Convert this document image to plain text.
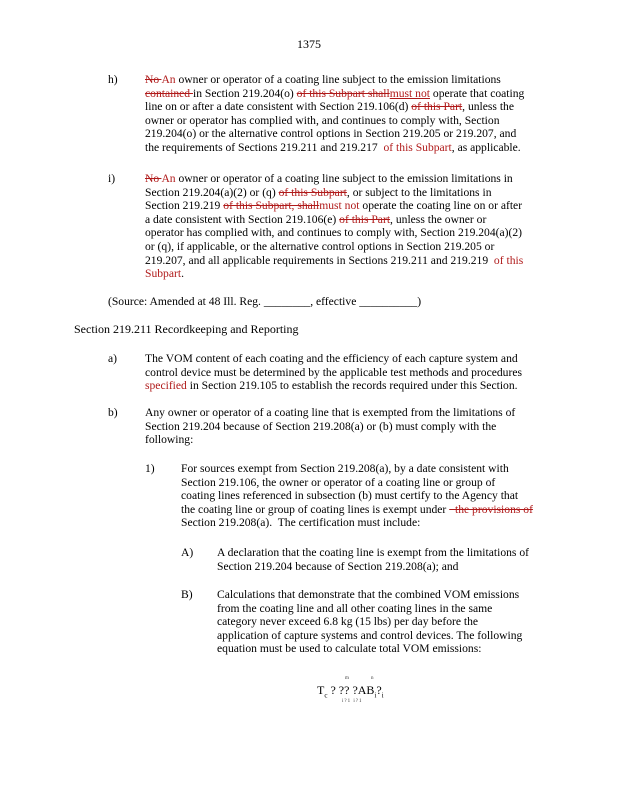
1375
h) No An owner or operator of a coating line subject to the emission limitations
contained in Section 219.204(o) of this Subpart shallmust not operate that coating
line on or after a date consistent with Section 219.106(d) of this Part, unless the
owner or operator has complied with, and continues to comply with, Section
219.204(o) or the alternative control options in Section 219.205 or 219.207, and
the requirements of Sections 219.211 and 219.217  of this Subpart, as applicable.
i)	No An owner or operator of a coating line subject to the emission limitations in
Section 219.204(a)(2) or (q) of this Subpart, or subject to the limitations in
Section 219.219 of this Subpart, shallmust not operate the coating line on or after
a date consistent with Section 219.106(e) of this Part, unless the owner or
operator has complied with, and continues to comply with, Section 219.204(a)(2)
or (q), if applicable, or the alternative control options in Section 219.205 or
219.207, and all applicable requirements in Sections 219.211 and 219.219  of this
Subpart.
(Source: Amended at 48 Ill. Reg. ________, effective __________)
Section 219.211 Recordkeeping and Reporting
a) The VOM content of each coating and the efficiency of each capture system and
control device must be determined by the applicable test methods and procedures
specified in Section 219.105 to establish the records required under this Section.
b) Any owner or operator of a coating line that is exempted from the limitations of
Section 219.204 because of Section 219.208(a) or (b) must comply with the
following:
1) For sources exempt from Section 219.208(a), by a date consistent with
Section 219.106, the owner or operator of a coating line or group of
coating lines referenced in subsection (b) must certify to the Agency that
the coating line or group of coating lines is exempt under   the provisions of
Section 219.208(a).  The certification must include:
A) A declaration that the coating line is exempt from the limitations of
Section 219.204 because of Section 219.208(a); and
B) Calculations that demonstrate that the combined VOM emissions
from the coating line and all other coating lines in the same
category never exceed 6.8 kg (15 lbs) per day before the
application of capture systems and control devices. The following
equation must be used to calculate total VOM emissions:
m	n
$T_c$ ? ?? $?AB_i?_i$
i?1 i?1
